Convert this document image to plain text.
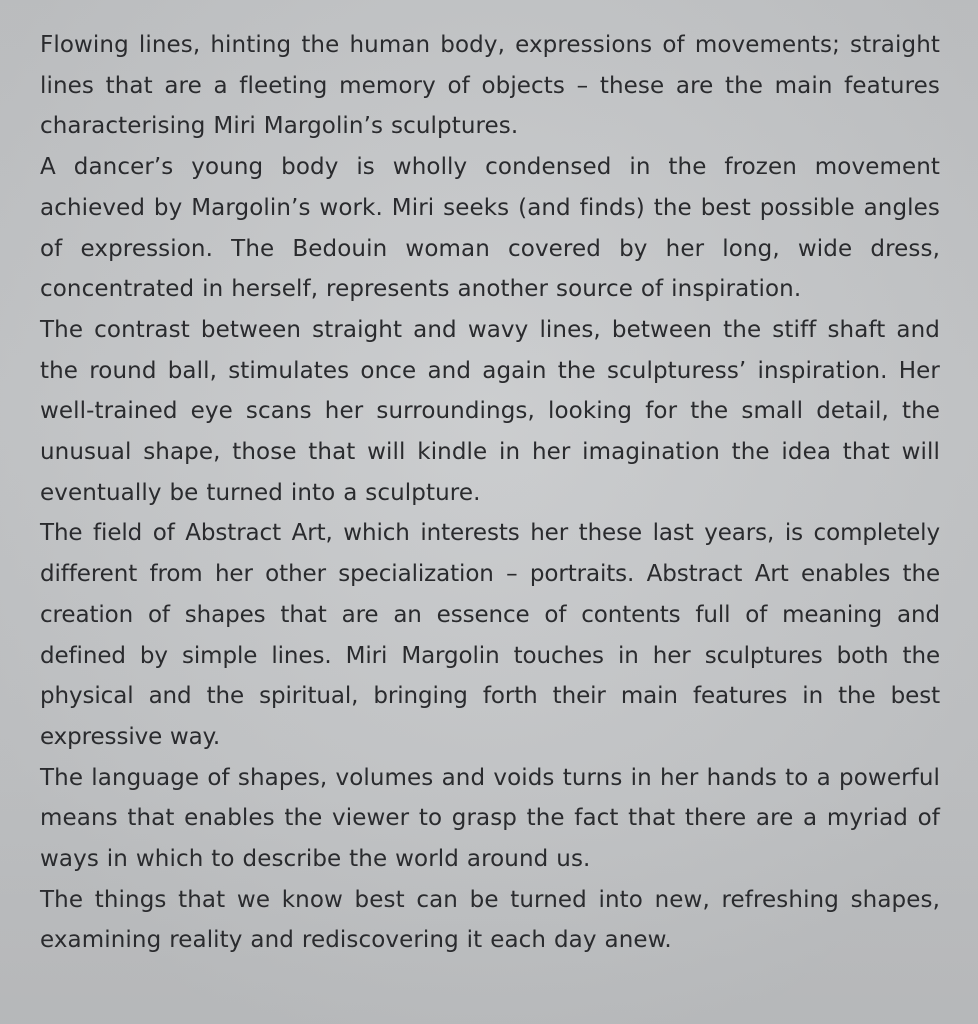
Flowing lines, hinting the human body, expressions of movements; straight lines that are a fleeting memory of objects – these are the main features characterising Miri Margolin’s sculptures.

A dancer’s young body is wholly condensed in the frozen movement achieved by Margolin’s work. Miri seeks (and finds) the best possible angles of expression. The Bedouin woman covered by her long, wide dress, concentrated in herself, represents another source of inspiration.

The contrast between straight and wavy lines, between the stiff shaft and the round ball, stimulates once and again the sculpturess’ inspiration. Her well-trained eye scans her surroundings, looking for the small detail, the unusual shape, those that will kindle in her imagination the idea that will eventually be turned into a sculpture.

The field of Abstract Art, which interests her these last years, is completely different from her other specialization – portraits. Abstract Art enables the creation of shapes that are an essence of contents full of meaning and defined by simple lines. Miri Margolin touches in her sculptures both the physical and the spiritual, bringing forth their main features in the best expressive way.

The language of shapes, volumes and voids turns in her hands to a powerful means that enables the viewer to grasp the fact that there are a myriad of ways in which to describe the world around us.

The things that we know best can be turned into new, refreshing shapes, examining reality and rediscovering it each day anew.
